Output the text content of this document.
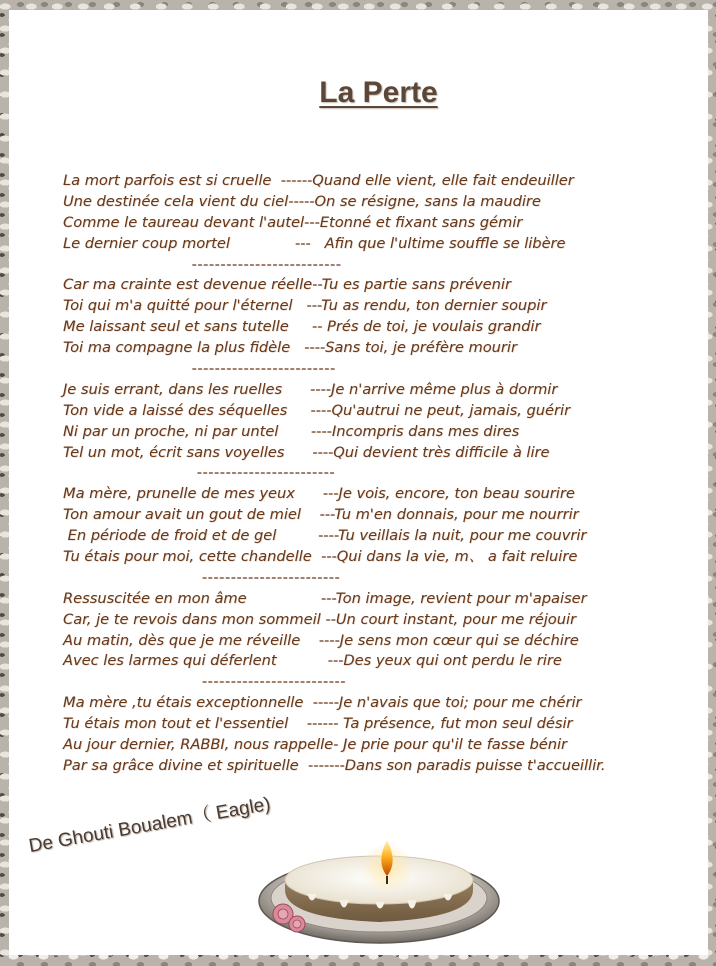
La Perte
La mort parfois est si cruelle  ------Quand elle vient, elle fait endeuiller
Une destinée cela vient du ciel-----On se résigne, sans la maudire
Comme le taureau devant l'autel---Etonné et fixant sans gémir
Le dernier coup mortel              ---   Afin que l'ultime souffle se libère
--------------------------
Car ma crainte est devenue réelle--Tu es partie sans prévenir
Toi qui m'a quitté pour l'éternel   ---Tu as rendu, ton dernier soupir
Me laissant seul et sans tutelle     -- Prés de toi, je voulais grandir
Toi ma compagne la plus fidèle   ----Sans toi, je préfère mourir
-------------------------
Je suis errant, dans les ruelles      ----Je n'arrive même plus à dormir
Ton vide a laissé des séquelles     ----Qu'autrui ne peut, jamais, guérir
Ni par un proche, ni par untel       ----Incompris dans mes dires
Tel un mot, écrit sans voyelles      ----Qui devient très difficile à lire
------------------------
Ma mère, prunelle de mes yeux      ---Je vois, encore, ton beau sourire
Ton amour avait un gout de miel    ---Tu m'en donnais, pour me nourrir
En période de froid et de gel         ----Tu veillais la nuit, pour me couvrir
Tu étais pour moi, cette chandelle  ---Qui dans la vie, m、 a fait reluire
------------------------
Ressuscitée en mon âme                ---Ton image, revient pour m'apaiser
Car, je te revois dans mon sommeil --Un court instant, pour me réjouir
Au matin, dès que je me réveille    ----Je sens mon cœur qui se déchire
Avec les larmes qui déferlent           ---Des yeux qui ont perdu le rire
-------------------------
Ma mère ,tu étais exceptionnelle  -----Je n'avais que toi; pour me chérir
Tu étais mon tout et l'essentiel    ------ Ta présence, fut mon seul désir
Au jour dernier, RABBI, nous rappelle- Je prie pour qu'il te fasse bénir
Par sa grâce divine et spirituelle  -------Dans son paradis puisse t'accueillir.
De Ghouti Boualem（ Eagle)
